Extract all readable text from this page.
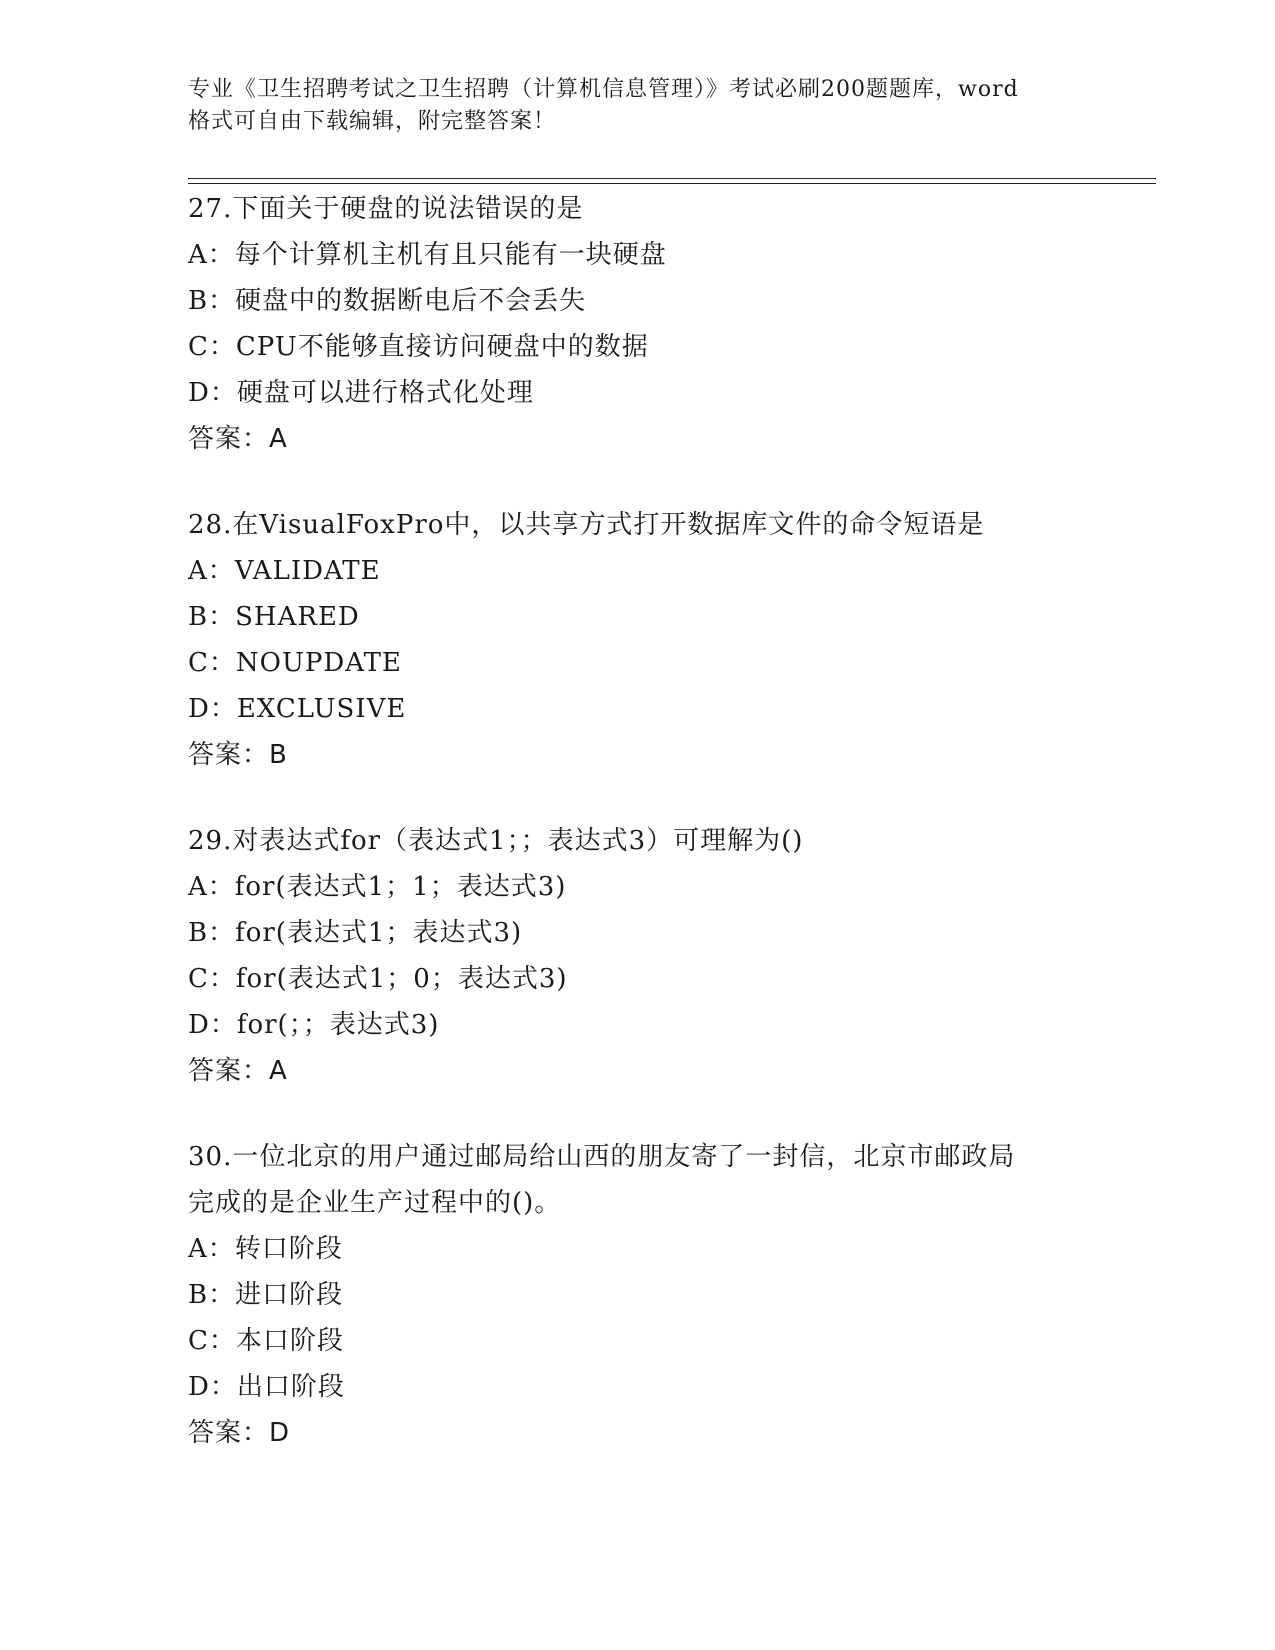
专业《卫生招聘考试之卫生招聘（计算机信息管理）》考试必刷200题题库，word
格式可自由下载编辑，附完整答案！
27.下面关于硬盘的说法错误的是
A：每个计算机主机有且只能有一块硬盘
B：硬盘中的数据断电后不会丢失
C：CPU不能够直接访问硬盘中的数据
D：硬盘可以进行格式化处理
答案：A
28.在VisualFoxPro中，以共享方式打开数据库文件的命令短语是
A：VALIDATE
B：SHARED
C：NOUPDATE
D：EXCLUSIVE
答案：B
29.对表达式for（表达式1；；表达式3）可理解为()
A：for(表达式1；1；表达式3)
B：for(表达式1；表达式3)
C：for(表达式1；0；表达式3)
D：for(；；表达式3)
答案：A
30.一位北京的用户通过邮局给山西的朋友寄了一封信，北京市邮政局
完成的是企业生产过程中的()。
A：转口阶段
B：进口阶段
C：本口阶段
D：出口阶段
答案：D
